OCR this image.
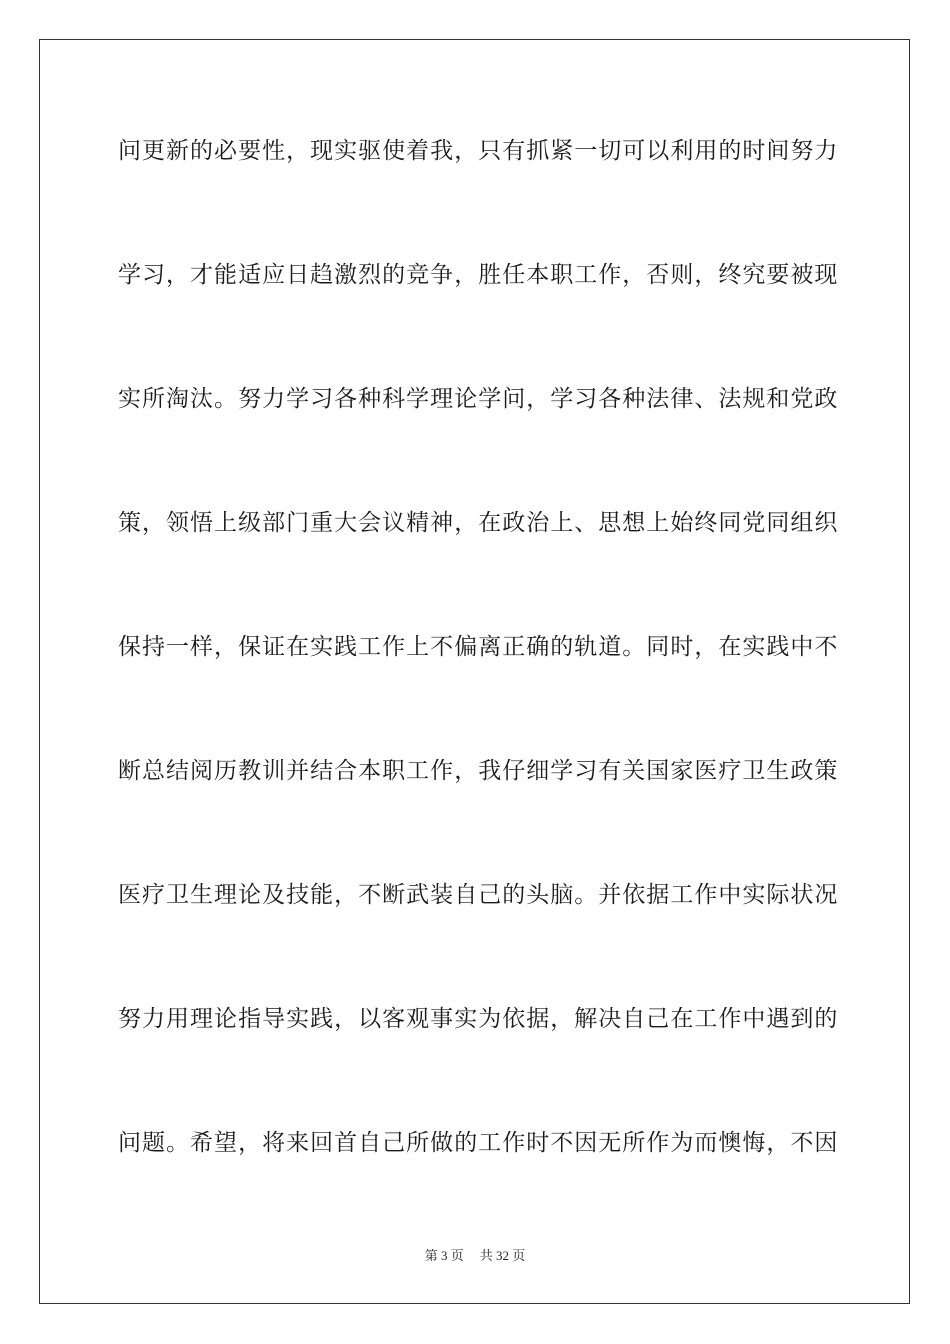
问更新的必要性，现实驱使着我，只有抓紧一切可以利用的时间努力
学习，才能适应日趋激烈的竞争，胜任本职工作，否则，终究要被现
实所淘汰。努力学习各种科学理论学问，学习各种法律、法规和党政
策，领悟上级部门重大会议精神，在政治上、思想上始终同党同组织
保持一样，保证在实践工作上不偏离正确的轨道。同时，在实践中不
断总结阅历教训并结合本职工作，我仔细学习有关国家医疗卫生政策
医疗卫生理论及技能，不断武装自己的头脑。并依据工作中实际状况
努力用理论指导实践，以客观事实为依据，解决自己在工作中遇到的
问题。希望，将来回首自己所做的工作时不因无所作为而懊悔，不因
第 3 页 共 32 页
